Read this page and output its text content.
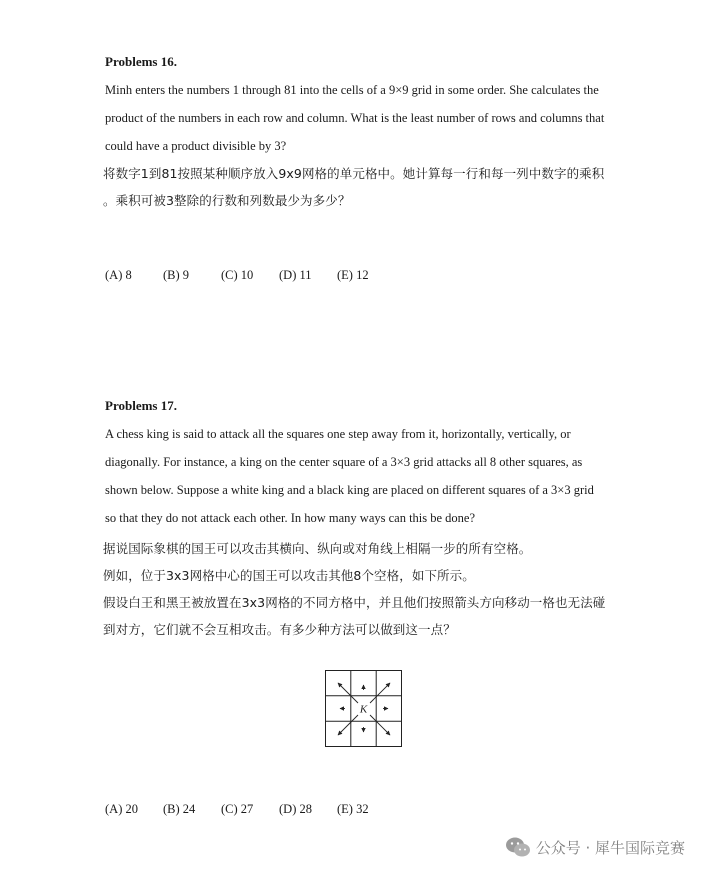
Problems 16.
Minh enters the numbers 1 through 81 into the cells of a 9×9 grid in some order. She calculates the
product of the numbers in each row and column. What is the least number of rows and columns that
could have a product divisible by 3?
将数字1到81按照某种顺序放入9x9网格的单元格中。她计算每一行和每一列中数字的乘积
。乘积可被3整除的行数和列数最少为多少？
(A) 8	(B) 9	(C) 10	(D) 11	(E) 12
Problems 17.
A chess king is said to attack all the squares one step away from it, horizontally, vertically, or
diagonally. For instance, a king on the center square of a 3×3 grid attacks all 8 other squares, as
shown below. Suppose a white king and a black king are placed on different squares of a 3×3 grid
so that they do not attack each other. In how many ways can this be done?
据说国际象棋的国王可以攻击其横向、纵向或对角线上相隔一步的所有空格。
例如，位于3x3网格中心的国王可以攻击其他8个空格，如下所示。
假设白王和黑王被放置在3x3网格的不同方格中，并且他们按照箭头方向移动一格也无法碰
到对方，它们就不会互相攻击。有多少种方法可以做到这一点？
K
(A) 20	(B) 24	(C) 27	(D) 28	(E) 32
公众号 · 犀牛国际竞赛
